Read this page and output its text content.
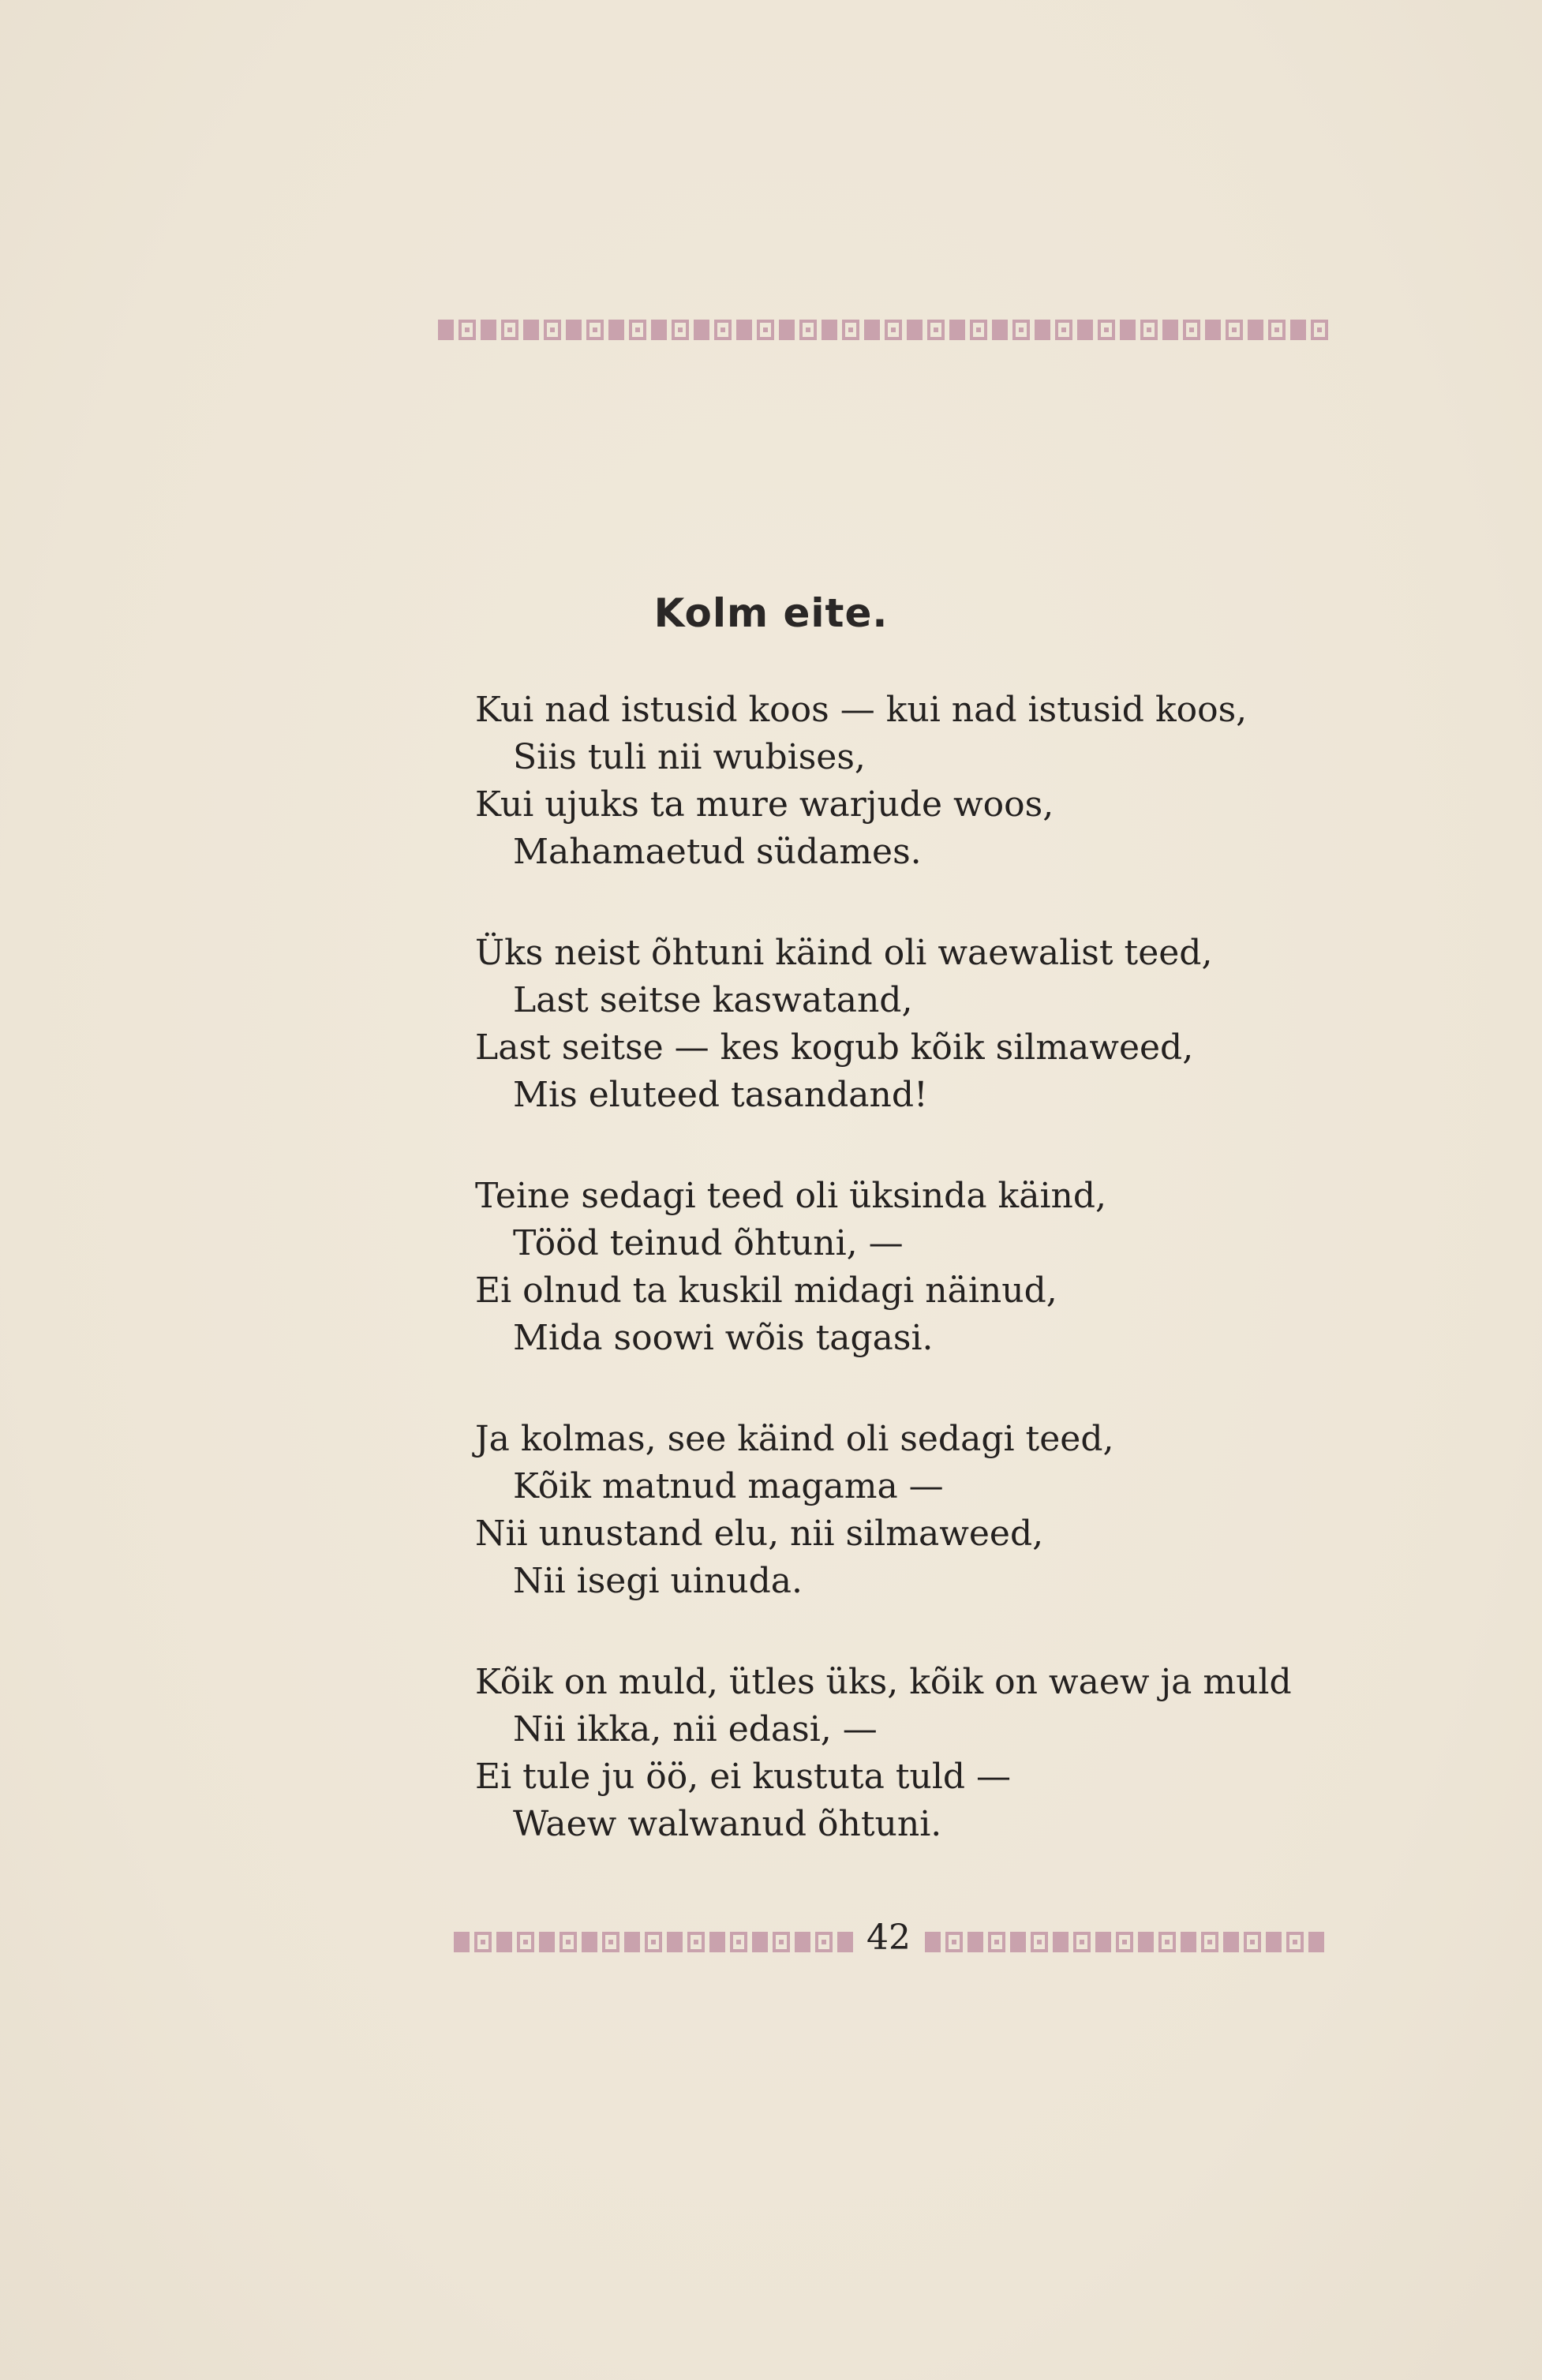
Kolm eite.
Kui nad istusid koos — kui nad istusid koos,
Siis tuli nii wubises,
Kui ujuks ta mure warjude woos,
Mahamaetud südames.
Üks neist õhtuni käind oli waewalist teed,
Last seitse kaswatand,
Last seitse — kes kogub kõik silmaweed,
Mis eluteed tasandand!
Teine sedagi teed oli üksinda käind,
Tööd teinud õhtuni, —
Ei olnud ta kuskil midagi näinud,
Mida soowi wõis tagasi.
Ja kolmas, see käind oli sedagi teed,
Kõik matnud magama —
Nii unustand elu, nii silmaweed,
Nii isegi uinuda.
Kõik on muld, ütles üks, kõik on waew ja muld
Nii ikka, nii edasi, —
Ei tule ju öö, ei kustuta tuld —
Waew walwanud õhtuni.
42
